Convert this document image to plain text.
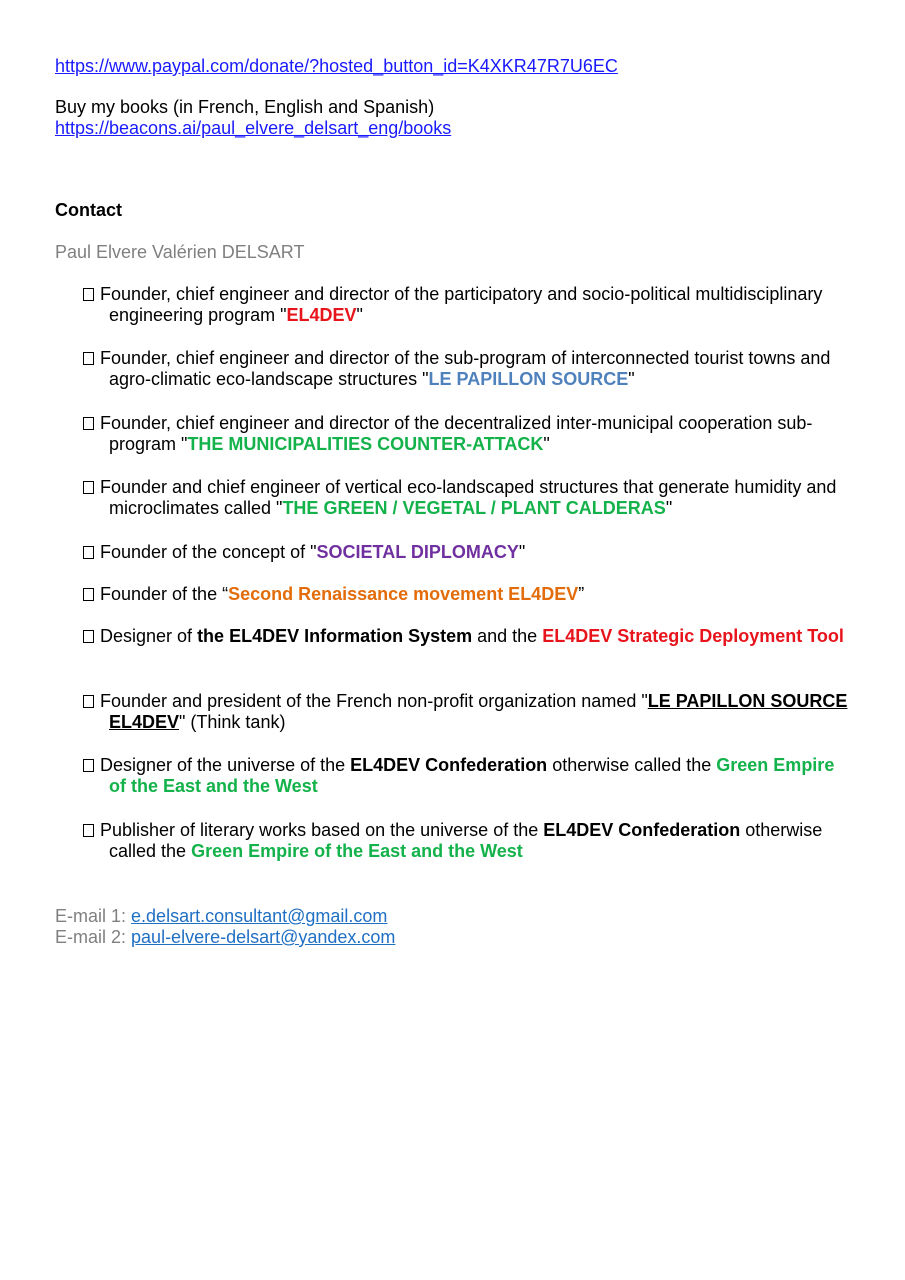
https://www.paypal.com/donate/?hosted_button_id=K4XKR47R7U6EC
Buy my books (in French, English and Spanish)
https://beacons.ai/paul_elvere_delsart_eng/books
Contact
Paul Elvere Valérien DELSART
Founder, chief engineer and director of the participatory and socio-political multidisciplinary engineering program "EL4DEV"
Founder, chief engineer and director of the sub-program of interconnected tourist towns and agro-climatic eco-landscape structures "LE PAPILLON SOURCE"
Founder, chief engineer and director of the decentralized inter-municipal cooperation sub-program "THE MUNICIPALITIES COUNTER-ATTACK"
Founder and chief engineer of vertical eco-landscaped structures that generate humidity and microclimates called "THE GREEN / VEGETAL / PLANT CALDERAS"
Founder of the concept of "SOCIETAL DIPLOMACY"
Founder of the “Second Renaissance movement EL4DEV”
Designer of the EL4DEV Information System and the EL4DEV Strategic Deployment Tool
Founder and president of the French non-profit organization named "LE PAPILLON SOURCE EL4DEV" (Think tank)
Designer of the universe of the EL4DEV Confederation otherwise called the Green Empire of the East and the West
Publisher of literary works based on the universe of the EL4DEV Confederation otherwise called the Green Empire of the East and the West
E-mail 1: e.delsart.consultant@gmail.com
E-mail 2: paul-elvere-delsart@yandex.com
